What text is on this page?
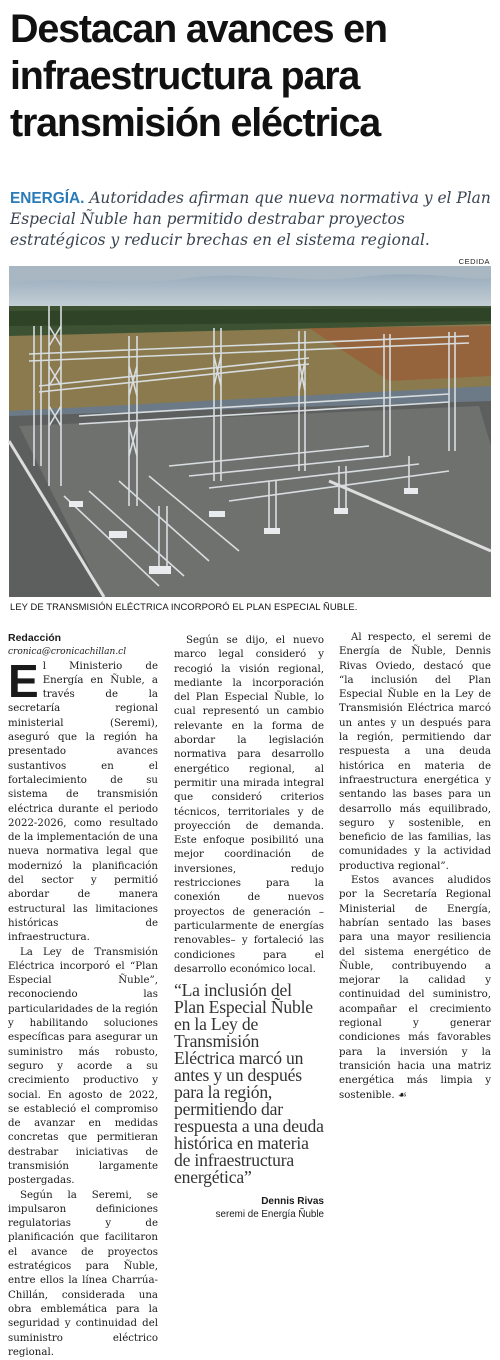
Destacan avances en infraestructura para transmisión eléctrica

ENERGÍA. Autoridades afirman que nueva normativa y el Plan Especial Ñuble han permitido destrabar proyectos estratégicos y reducir brechas en el sistema regional.

CEDIDA
LEY DE TRANSMISIÓN ELÉCTRICA INCORPORÓ EL PLAN ESPECIAL ÑUBLE.

Redacción

cronica@cronicachillan.cl

El Ministerio de Energía en Ñuble, a través de la secretaría regional ministerial (Seremi), aseguró que la región ha presentado avances sustantivos en el fortalecimiento de su sistema de transmisión eléctrica durante el periodo 2022-2026, como resultado de la implementación de una nueva normativa legal que modernizó la planificación del sector y permitió abordar de manera estructural las limitaciones históricas de infraestructura.

La Ley de Transmisión Eléctrica incorporó el “Plan Especial Ñuble”, reconociendo las particularidades de la región y habilitando soluciones específicas para asegurar un suministro más robusto, seguro y acorde a su crecimiento productivo y social. En agosto de 2022, se estableció el compromiso de avanzar en medidas concretas que permitieran destrabar iniciativas de transmisión largamente postergadas.

Según la Seremi, se impulsaron definiciones regulatorias y de planificación que facilitaron el avance de proyectos estratégicos para Ñuble, entre ellos la línea Charrúa-Chillán, considerada una obra emblemática para la seguridad y continuidad del suministro eléctrico regional.

Según se dijo, el nuevo marco legal consideró y recogió la visión regional, mediante la incorporación del Plan Especial Ñuble, lo cual representó un cambio relevante en la forma de abordar la legislación normativa para desarrollo energético regional, al permitir una mirada integral que consideró criterios técnicos, territoriales y de proyección de demanda. Este enfoque posibilitó una mejor coordinación de inversiones, redujo restricciones para la conexión de nuevos proyectos de generación –particularmente de energías renovables– y fortaleció las condiciones para el desarrollo económico local.

“La inclusión del Plan Especial Ñuble en la Ley de Transmisión Eléctrica marcó un antes y un después para la región, permitiendo dar respuesta a una deuda histórica en materia de infraestructura energética”

Dennis Rivas

seremi de Energía Ñuble

Al respecto, el seremi de Energía de Ñuble, Dennis Rivas Oviedo, destacó que “la inclusión del Plan Especial Ñuble en la Ley de Transmisión Eléctrica marcó un antes y un después para la región, permitiendo dar respuesta a una deuda histórica en materia de infraestructura energética y sentando las bases para un desarrollo más equilibrado, seguro y sostenible, en beneficio de las familias, las comunidades y la actividad productiva regional”.

Estos avances aludidos por la Secretaría Regional Ministerial de Energía, habrían sentado las bases para una mayor resiliencia del sistema energético de Ñuble, contribuyendo a mejorar la calidad y continuidad del suministro, acompañar el crecimiento regional y generar condiciones más favorables para la inversión y la transición hacia una matriz energética más limpia y sostenible. ☙
